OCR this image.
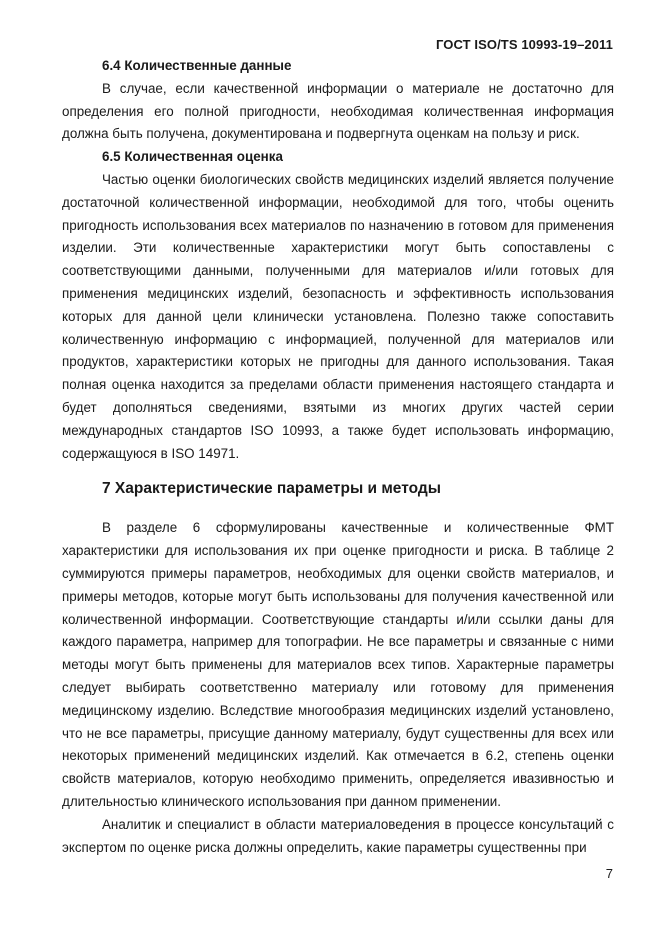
ГОСТ ISO/TS 10993-19–2011
6.4 Количественные данные

В случае, если качественной информации о материале не достаточно для определения его полной пригодности, необходимая количественная информация должна быть получена, документирована и подвергнута оценкам на пользу и риск.

6.5 Количественная оценка

Частью оценки биологических свойств медицинских изделий является получение достаточной количественной информации, необходимой для того, чтобы оценить пригодность использования всех материалов по назначению в готовом для применения изделии. Эти количественные характеристики могут быть сопоставлены с соответствующими данными, полученными для материалов и/или готовых для применения медицинских изделий, безопасность и эффективность использования которых для данной цели клинически установлена. Полезно также сопоставить количественную информацию с информацией, полученной для материалов или продуктов, характеристики которых не пригодны для данного использования. Такая полная оценка находится за пределами области применения настоящего стандарта и будет дополняться сведениями, взятыми из многих других частей серии международных стандартов ISO 10993, а также будет использовать информацию, содержащуюся в ISO 14971.

7 Характеристические параметры и методы

В разделе 6 сформулированы качественные и количественные ФМТ характеристики для использования их при оценке пригодности и риска. В таблице 2 суммируются примеры параметров, необходимых для оценки свойств материалов, и примеры методов, которые могут быть использованы для получения качественной или количественной информации. Соответствующие стандарты и/или ссылки даны для каждого параметра, например для топографии. Не все параметры и связанные с ними методы могут быть применены для материалов всех типов. Характерные параметры следует выбирать соответственно материалу или готовому для применения медицинскому изделию. Вследствие многообразия медицинских изделий установлено, что не все параметры, присущие данному материалу, будут существенны для всех или некоторых применений медицинских изделий. Как отмечается в 6.2, степень оценки свойств материалов, которую необходимо применить, определяется ивазивностью и длительностью клинического использования при данном применении.

Аналитик и специалист в области материаловедения в процессе консультаций с экспертом по оценке риска должны определить, какие параметры существенны при

7
